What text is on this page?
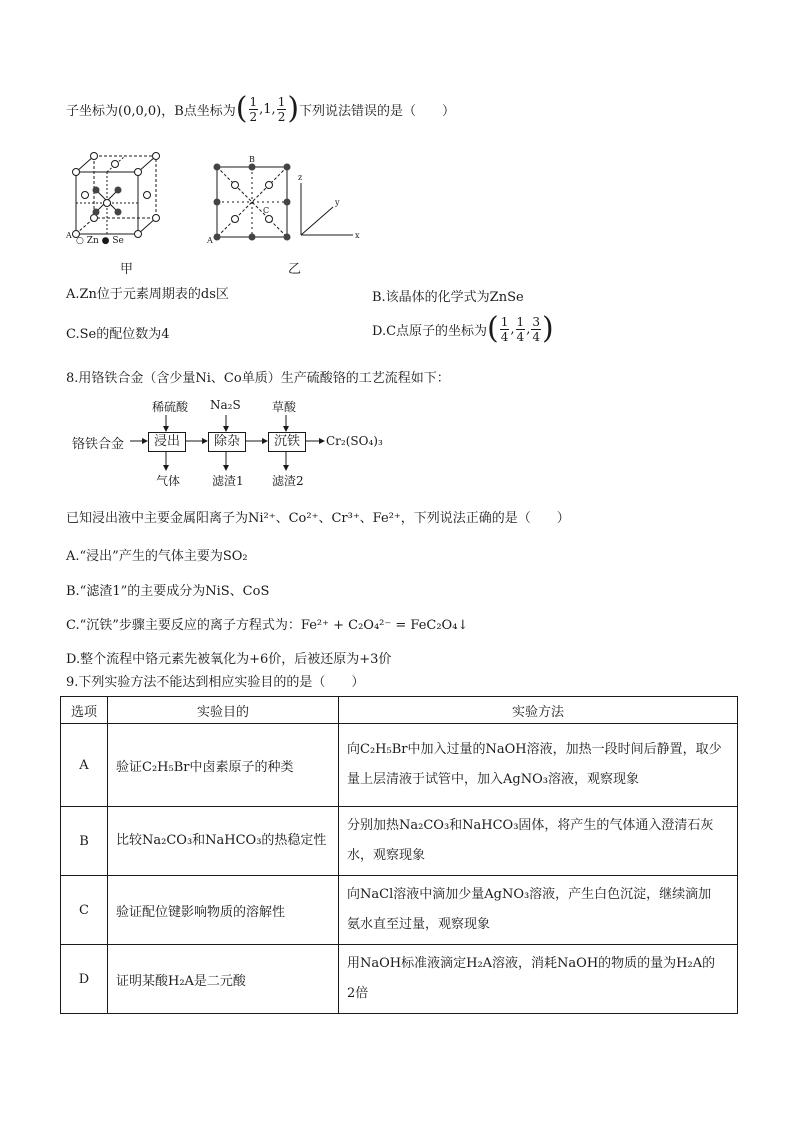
子坐标为(0,0,0)，B点坐标为 ( $\frac{1}{2} ,1$, $\frac{1}{2}$ ) 下列说法错误的是（　　）
A
○ Zn ● Se
甲
B
C
A
x
y
z
乙
A.Zn位于元素周期表的ds区	B.该晶体的化学式为ZnSe
C.Se的配位数为4	D.C点原子的坐标为 ( $\frac{1}{4}$ , $\frac{1}{4}$ , $\frac{3}{4}$ )
8.用铬铁合金（含少量Ni、Co单质）生产硫酸铬的工艺流程如下：
铬铁合金	浸出	除杂	沉铁	Cr₂(SO₄)₃
稀硫酸 Na₂S	草酸
气体	滤渣1 滤渣2
已知浸出液中主要金属阳离子为Ni²⁺、Co²⁺、Cr³⁺、Fe²⁺，下列说法正确的是（　　）
A.“浸出”产生的气体主要为SO₂
B.“滤渣1”的主要成分为NiS、CoS
C.“沉铁”步骤主要反应的离子方程式为：Fe²⁺ + C₂O₄²⁻ = FeC₂O₄↓
D.整个流程中铬元素先被氧化为+6价，后被还原为+3价
9.下列实验方法不能达到相应实验目的的是（　　）
选项	实验目的	实验方法
A	验证C₂H₅Br中卤素原子的种类	向C₂H₅Br中加入过量的NaOH溶液，加热一段时间后静置，取少
量上层清液于试管中，加入AgNO₃溶液，观察现象

B	比较Na₂CO₃和NaHCO₃的热稳定性	分别加热Na₂CO₃和NaHCO₃固体，将产生的气体通入澄清石灰
水，观察现象

C	验证配位键影响物质的溶解性	向NaCl溶液中滴加少量AgNO₃溶液，产生白色沉淀，继续滴加
氨水直至过量，观察现象

D	证明某酸H₂A是二元酸	用NaOH标准液滴定H₂A溶液，消耗NaOH的物质的量为H₂A的
2倍
